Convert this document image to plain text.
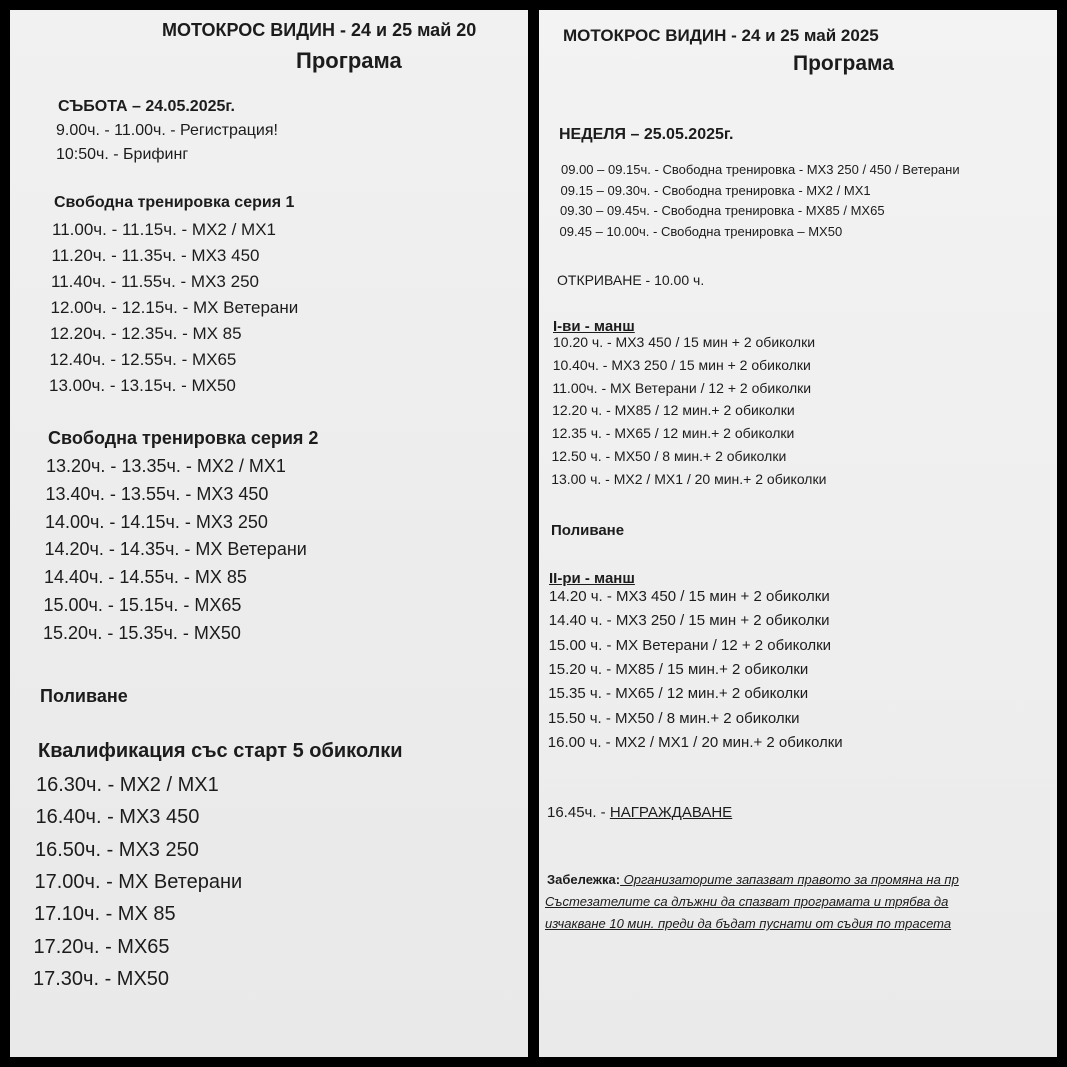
МОТОКРОС ВИДИН - 24 и 25 май 20
Програма
СЪБОТА – 24.05.2025г.
9.00ч. - 11.00ч. - Регистрация!
10:50ч. - Брифинг
Свободна тренировка серия 1
11.00ч. - 11.15ч. - MX2 / MX1
11.20ч. - 11.35ч. - MX3 450
11.40ч. - 11.55ч. - MX3 250
12.00ч. - 12.15ч. - MX Ветерани
12.20ч. - 12.35ч. - MX 85
12.40ч. - 12.55ч. - MX65
13.00ч. - 13.15ч. - MX50
Свободна тренировка серия 2
13.20ч. - 13.35ч. - MX2 / MX1
13.40ч. - 13.55ч. - MX3 450
14.00ч. - 14.15ч. - MX3 250
14.20ч. - 14.35ч. - MX Ветерани
14.40ч. - 14.55ч. - MX 85
15.00ч. - 15.15ч. - MX65
15.20ч. - 15.35ч. - MX50
Поливане
Квалификация със старт 5 обиколки
16.30ч. - MX2 / MX1
16.40ч. - MX3 450
16.50ч. - MX3 250
17.00ч. - MX Ветерани
17.10ч. - MX 85
17.20ч. - MX65
17.30ч. - MX50
МОТОКРОС ВИДИН - 24 и 25 май 2025
Програма
НЕДЕЛЯ – 25.05.2025г.
09.00 – 09.15ч. - Свободна тренировка - MX3 250 / 450 / Ветерани
09.15 – 09.30ч. - Свободна тренировка - MX2 / MX1
09.30 – 09.45ч. - Свободна тренировка - MX85 / MX65
09.45 – 10.00ч. - Свободна тренировка – MX50
ОТКРИВАНЕ - 10.00 ч.
I-ви - манш
10.20 ч. - MX3 450 / 15 мин + 2 обиколки
10.40ч. - MX3 250 / 15 мин + 2 обиколки
11.00ч. - MX Ветерани / 12 + 2 обиколки
12.20 ч. - MX85 / 12 мин.+ 2 обиколки
12.35 ч. - MX65 / 12 мин.+ 2 обиколки
12.50 ч. - MX50 / 8 мин.+ 2 обиколки
13.00 ч. - MX2 / MX1 / 20 мин.+ 2 обиколки
Поливане
II-ри - манш
14.20 ч. - MX3 450 / 15 мин + 2 обиколки
14.40 ч. - MX3 250 / 15 мин + 2 обиколки
15.00 ч. - MX Ветерани / 12 + 2 обиколки
15.20 ч. - MX85 / 15 мин.+ 2 обиколки
15.35 ч. - MX65 / 12 мин.+ 2 обиколки
15.50 ч. - MX50 / 8 мин.+ 2 обиколки
16.00 ч. - MX2 / MX1 / 20 мин.+ 2 обиколки
16.45ч. - НАГРАЖДАВАНЕ
Забележка: Организаторите запазват правото за промяна на пр
Състезателите са длъжни да спазват програмата и трябва да
изчакване 10 мин. преди да бъдат пуснати от съдия по трасета
